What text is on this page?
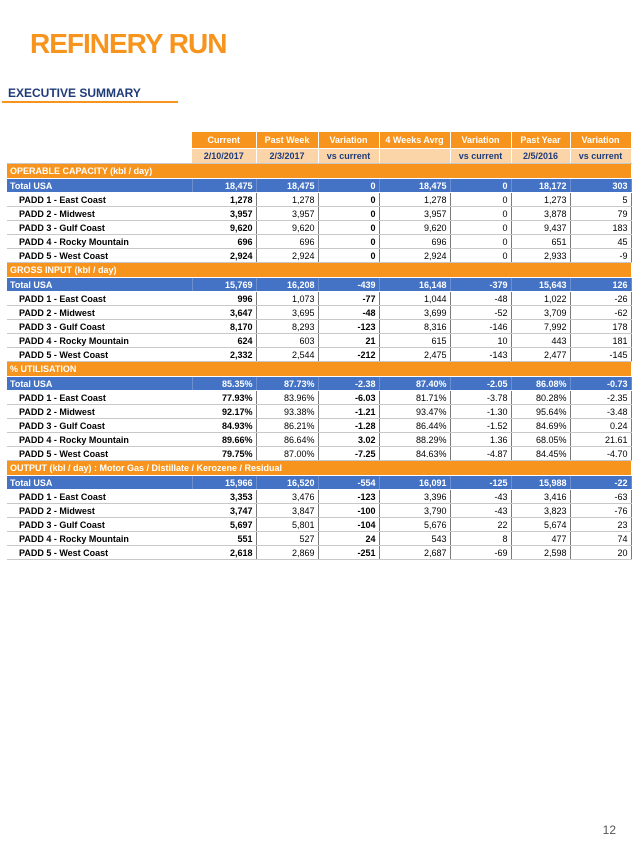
REFINERY RUN
EXECUTIVE SUMMARY
	Current	Past Week	Variation	4 Weeks Avrg	Variation	Past Year	Variation
	2/10/2017	2/3/2017	vs current		vs current	2/5/2016	vs current
OPERABLE CAPACITY (kbl / day)							
Total USA	18,475	18,475	0	18,475	0	18,172	303
PADD 1 - East Coast	1,278	1,278	0	1,278	0	1,273	5
PADD 2 - Midwest	3,957	3,957	0	3,957	0	3,878	79
PADD 3 - Gulf Coast	9,620	9,620	0	9,620	0	9,437	183
PADD 4 - Rocky Mountain	696	696	0	696	0	651	45
PADD 5 - West Coast	2,924	2,924	0	2,924	0	2,933	-9
GROSS INPUT (kbl / day)							
Total USA	15,769	16,208	-439	16,148	-379	15,643	126
PADD 1 - East Coast	996	1,073	-77	1,044	-48	1,022	-26
PADD 2 - Midwest	3,647	3,695	-48	3,699	-52	3,709	-62
PADD 3 - Gulf Coast	8,170	8,293	-123	8,316	-146	7,992	178
PADD 4 - Rocky Mountain	624	603	21	615	10	443	181
PADD 5 - West Coast	2,332	2,544	-212	2,475	-143	2,477	-145
% UTILISATION							
Total USA	85.35%	87.73%	-2.38	87.40%	-2.05	86.08%	-0.73
PADD 1 - East Coast	77.93%	83.96%	-6.03	81.71%	-3.78	80.28%	-2.35
PADD 2 - Midwest	92.17%	93.38%	-1.21	93.47%	-1.30	95.64%	-3.48
PADD 3 - Gulf Coast	84.93%	86.21%	-1.28	86.44%	-1.52	84.69%	0.24
PADD 4 - Rocky Mountain	89.66%	86.64%	3.02	88.29%	1.36	68.05%	21.61
PADD 5 - West Coast	79.75%	87.00%	-7.25	84.63%	-4.87	84.45%	-4.70
OUTPUT (kbl / day) : Motor Gas / Distillate / Kerozene / Residual							
Total USA	15,966	16,520	-554	16,091	-125	15,988	-22
PADD 1 - East Coast	3,353	3,476	-123	3,396	-43	3,416	-63
PADD 2 - Midwest	3,747	3,847	-100	3,790	-43	3,823	-76
PADD 3 - Gulf Coast	5,697	5,801	-104	5,676	22	5,674	23
PADD 4 - Rocky Mountain	551	527	24	543	8	477	74
PADD 5 - West Coast	2,618	2,869	-251	2,687	-69	2,598	20
12
